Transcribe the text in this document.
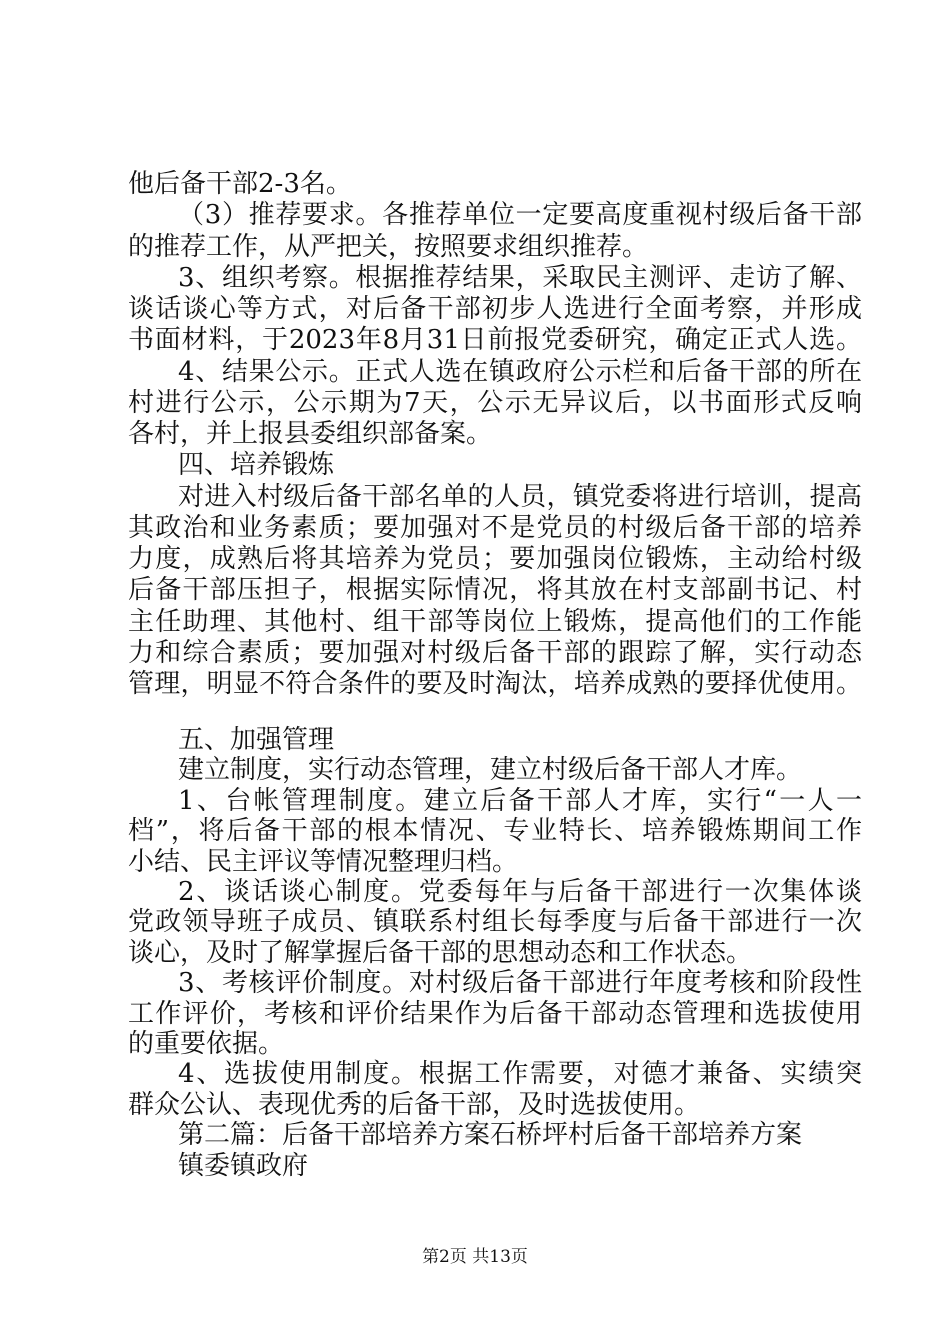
他后备干部2-3名。
（3）推荐要求。各推荐单位一定要高度重视村级后备干部
的推荐工作，从严把关，按照要求组织推荐。
3、组织考察。根据推荐结果，采取民主测评、走访了解、
谈话谈心等方式，对后备干部初步人选进行全面考察，并形成
书面材料，于2023年8月31日前报党委研究，确定正式人选。
4、结果公示。正式人选在镇政府公示栏和后备干部的所在
村进行公示，公示期为7天，公示无异议后，以书面形式反响
各村，并上报县委组织部备案。
四、培养锻炼
对进入村级后备干部名单的人员，镇党委将进行培训，提高
其政治和业务素质；要加强对不是党员的村级后备干部的培养
力度，成熟后将其培养为党员；要加强岗位锻炼，主动给村级
后备干部压担子，根据实际情况，将其放在村支部副书记、村
主任助理、其他村、组干部等岗位上锻炼，提高他们的工作能
力和综合素质；要加强对村级后备干部的跟踪了解，实行动态
管理，明显不符合条件的要及时淘汰，培养成熟的要择优使用。
五、加强管理
建立制度，实行动态管理，建立村级后备干部人才库。
1、台帐管理制度。建立后备干部人才库，实行“一人一
档”，将后备干部的根本情况、专业特长、培养锻炼期间工作
小结、民主评议等情况整理归档。
2、谈话谈心制度。党委每年与后备干部进行一次集体谈
党政领导班子成员、镇联系村组长每季度与后备干部进行一次
谈心，及时了解掌握后备干部的思想动态和工作状态。
3、考核评价制度。对村级后备干部进行年度考核和阶段性
工作评价，考核和评价结果作为后备干部动态管理和选拔使用
的重要依据。
4、选拔使用制度。根据工作需要，对德才兼备、实绩突
群众公认、表现优秀的后备干部，及时选拔使用。
第二篇：后备干部培养方案石桥坪村后备干部培养方案
镇委镇政府
第2页 共13页
